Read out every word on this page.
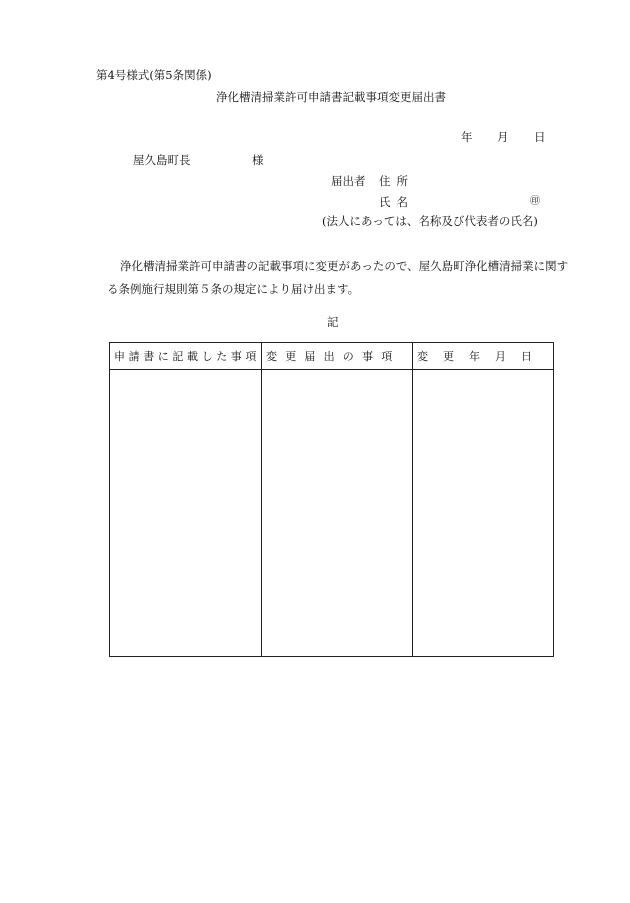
第4号様式(第5条関係)
浄化槽清掃業許可申請書記載事項変更届出書
年 月 日
屋久島町長	様
届出者 住所
氏名	㊞
(法人にあっては、名称及び代表者の氏名)
浄化槽清掃業許可申請書の記載事項に変更があったので、屋久島町浄化槽清掃業に関する条例施行規則第５条の規定により届け出ます。
記
申請書に記載した事項	変更届出の事項	変更年月日
